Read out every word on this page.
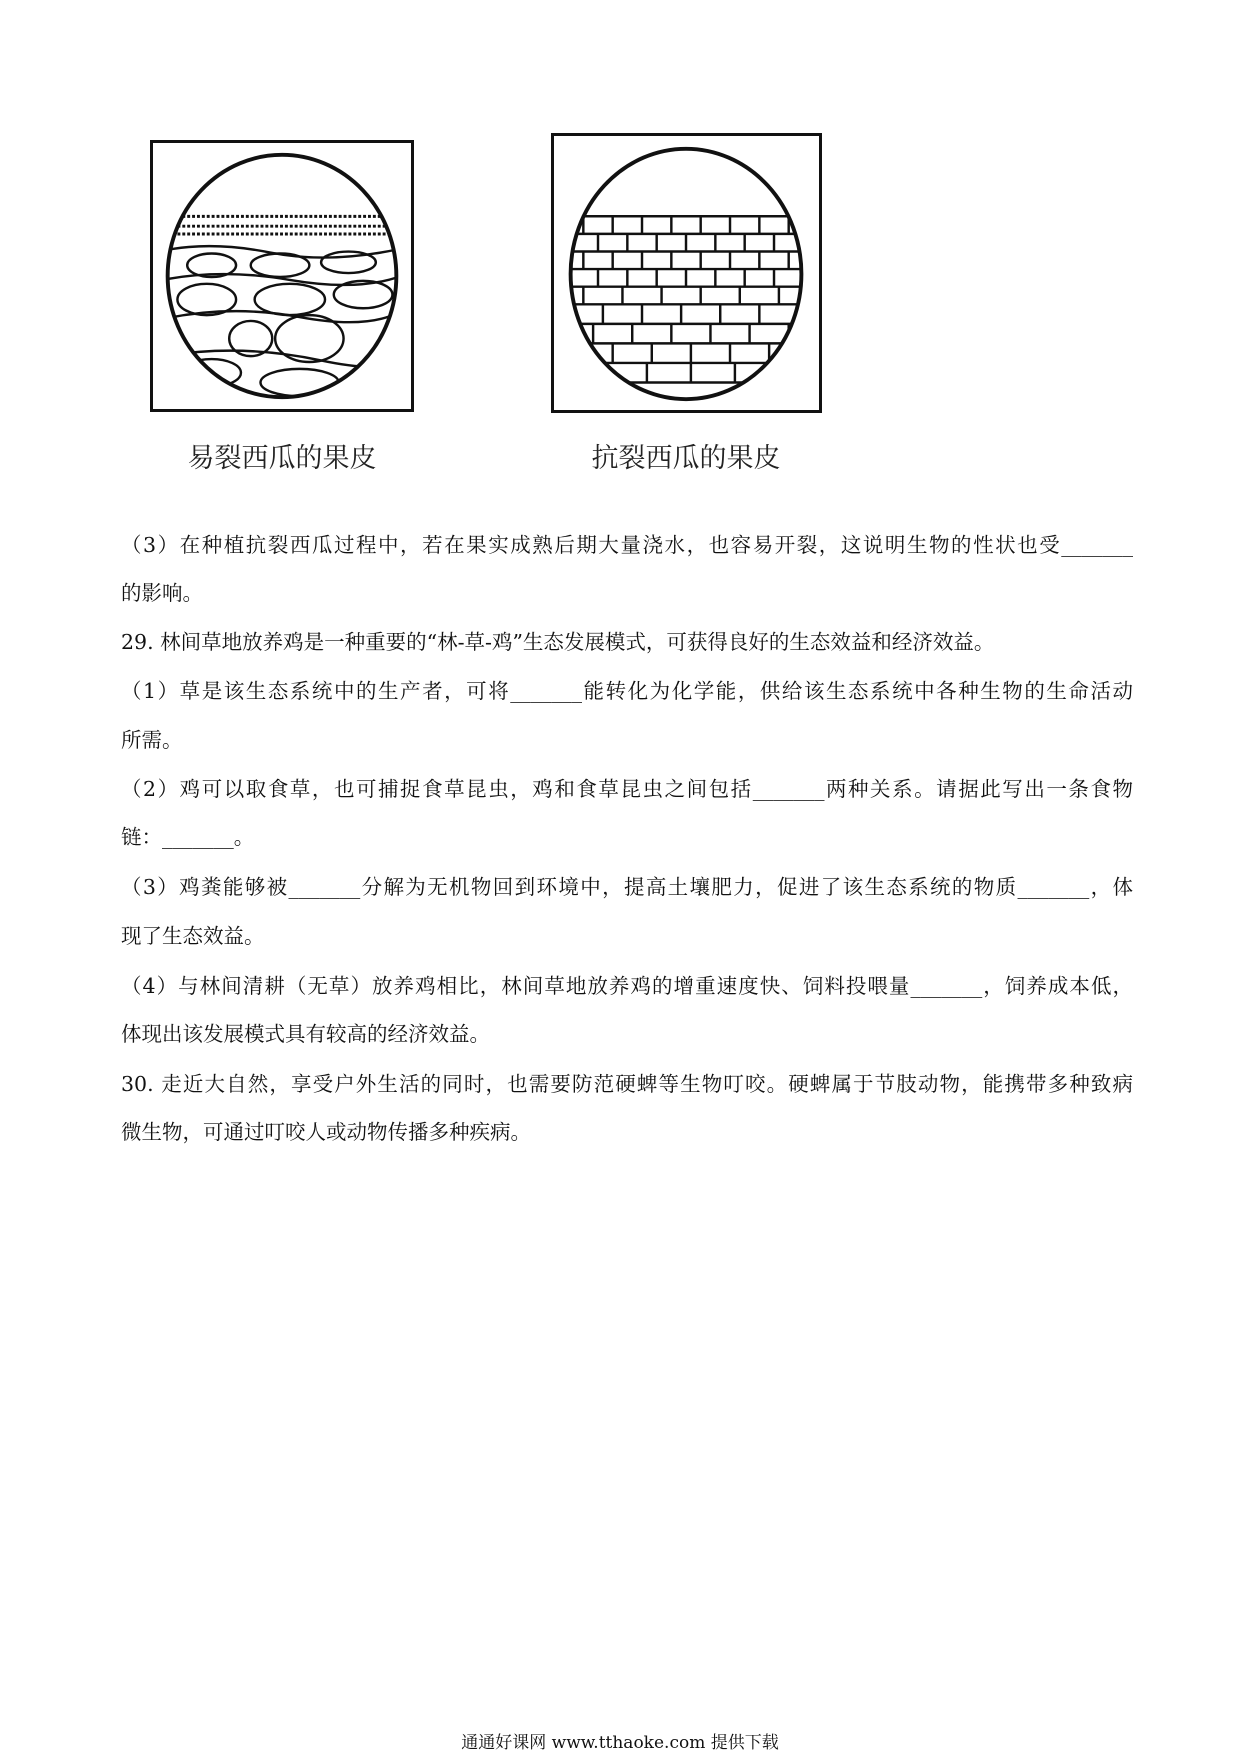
易裂西瓜的果皮	抗裂西瓜的果皮
（3）在种植抗裂西瓜过程中，若在果实成熟后期大量浇水，也容易开裂，这说明生物的性状也受_______
的影响。
29. 林间草地放养鸡是一种重要的“林-草-鸡”生态发展模式，可获得良好的生态效益和经济效益。
（1）草是该生态系统中的生产者，可将_______能转化为化学能，供给该生态系统中各种生物的生命活动
所需。
（2）鸡可以取食草，也可捕捉食草昆虫，鸡和食草昆虫之间包括_______两种关系。请据此写出一条食物
链：_______。
（3）鸡粪能够被_______分解为无机物回到环境中，提高土壤肥力，促进了该生态系统的物质_______，体
现了生态效益。
（4）与林间清耕（无草）放养鸡相比，林间草地放养鸡的增重速度快、饲料投喂量_______，饲养成本低，
体现出该发展模式具有较高的经济效益。
30. 走近大自然，享受户外生活的同时，也需要防范硬蜱等生物叮咬。硬蜱属于节肢动物，能携带多种致病
微生物，可通过叮咬人或动物传播多种疾病。
通通好课网 www.tthaoke.com 提供下载
